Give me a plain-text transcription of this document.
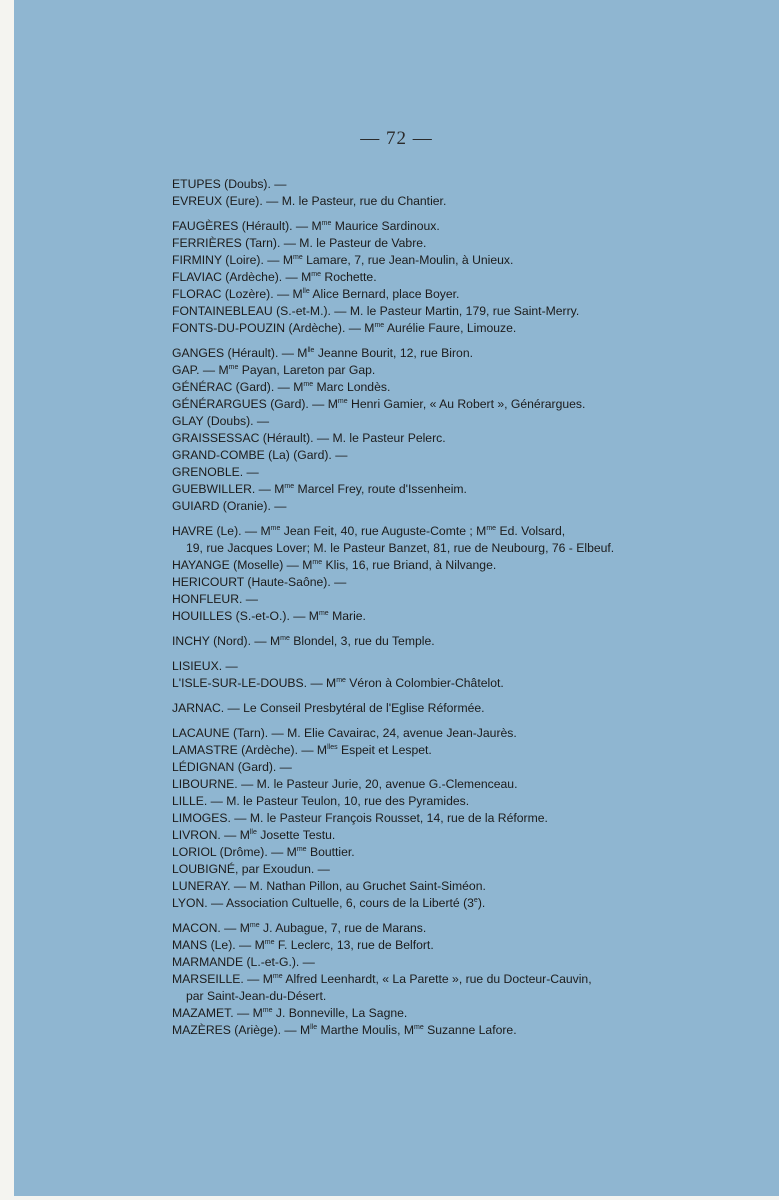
— 72 —
ETUPES (Doubs). —
EVREUX (Eure). — M. le Pasteur, rue du Chantier.
FAUGÈRES (Hérault). — $M^{me}$ Maurice Sardinoux.
FERRIÈRES (Tarn). — M. le Pasteur de Vabre.
FIRMINY (Loire). — $M^{me}$ Lamare, 7, rue Jean-Moulin, à Unieux.
FLAVIAC (Ardèche). — $M^{me}$ Rochette.
FLORAC (Lozère). — $M^{lle}$ Alice Bernard, place Boyer.
FONTAINEBLEAU (S.-et-M.). — M. le Pasteur Martin, 179, rue Saint-Merry.
FONTS-DU-POUZIN (Ardèche). — $M^{me}$ Aurélie Faure, Limouze.
GANGES (Hérault). — $M^{lle}$ Jeanne Bourit, 12, rue Biron.
GAP. — $M^{me}$ Payan, Lareton par Gap.
GÉNÉRAC (Gard). — $M^{me}$ Marc Londès.
GÉNÉRARGUES (Gard). — $M^{me}$ Henri Gamier, « Au Robert », Générargues.
GLAY (Doubs). —
GRAISSESSAC (Hérault). — M. le Pasteur Pelerc.
GRAND-COMBE (La) (Gard). —
GRENOBLE. —
GUEBWILLER. — $M^{me}$ Marcel Frey, route d'Issenheim.
GUIARD (Oranie). —
HAVRE (Le). — $M^{me}$ Jean Feit, 40, rue Auguste-Comte ; $M^{me}$ Ed. Volsard,
19, rue Jacques Lover; M. le Pasteur Banzet, 81, rue de Neubourg, 76 - Elbeuf.
HAYANGE (Moselle) — $M^{me}$ Klis, 16, rue Briand, à Nilvange.
HERICOURT (Haute-Saône). —
HONFLEUR. —
HOUILLES (S.-et-O.). — $M^{me}$ Marie.
INCHY (Nord). — $M^{me}$ Blondel, 3, rue du Temple.
LISIEUX. —
L'ISLE-SUR-LE-DOUBS. — $M^{me}$ Véron à Colombier-Châtelot.
JARNAC. — Le Conseil Presbytéral de l'Eglise Réformée.
LACAUNE (Tarn). — M. Elie Cavairac, 24, avenue Jean-Jaurès.
LAMASTRE (Ardèche). — $M^{lles}$ Espeit et Lespet.
LÉDIGNAN (Gard). —
LIBOURNE. — M. le Pasteur Jurie, 20, avenue G.-Clemenceau.
LILLE. — M. le Pasteur Teulon, 10, rue des Pyramides.
LIMOGES. — M. le Pasteur François Rousset, 14, rue de la Réforme.
LIVRON. — $M^{lle}$ Josette Testu.
LORIOL (Drôme). — $M^{me}$ Bouttier.
LOUBIGNÉ, par Exoudun. —
LUNERAY. — M. Nathan Pillon, au Gruchet Saint-Siméon.
LYON. — Association Cultuelle, 6, cours de la Liberté (3e).
MACON. — $M^{me}$ J. Aubague, 7, rue de Marans.
MANS (Le). — $M^{me}$ F. Leclerc, 13, rue de Belfort.
MARMANDE (L.-et-G.). —
MARSEILLE. — $M^{me}$ Alfred Leenhardt, « La Parette », rue du Docteur-Cauvin,
par Saint-Jean-du-Désert.
MAZAMET. — $M^{me}$ J. Bonneville, La Sagne.
MAZÈRES (Ariège). — $M^{lle}$ Marthe Moulis, $M^{me}$ Suzanne Lafore.
